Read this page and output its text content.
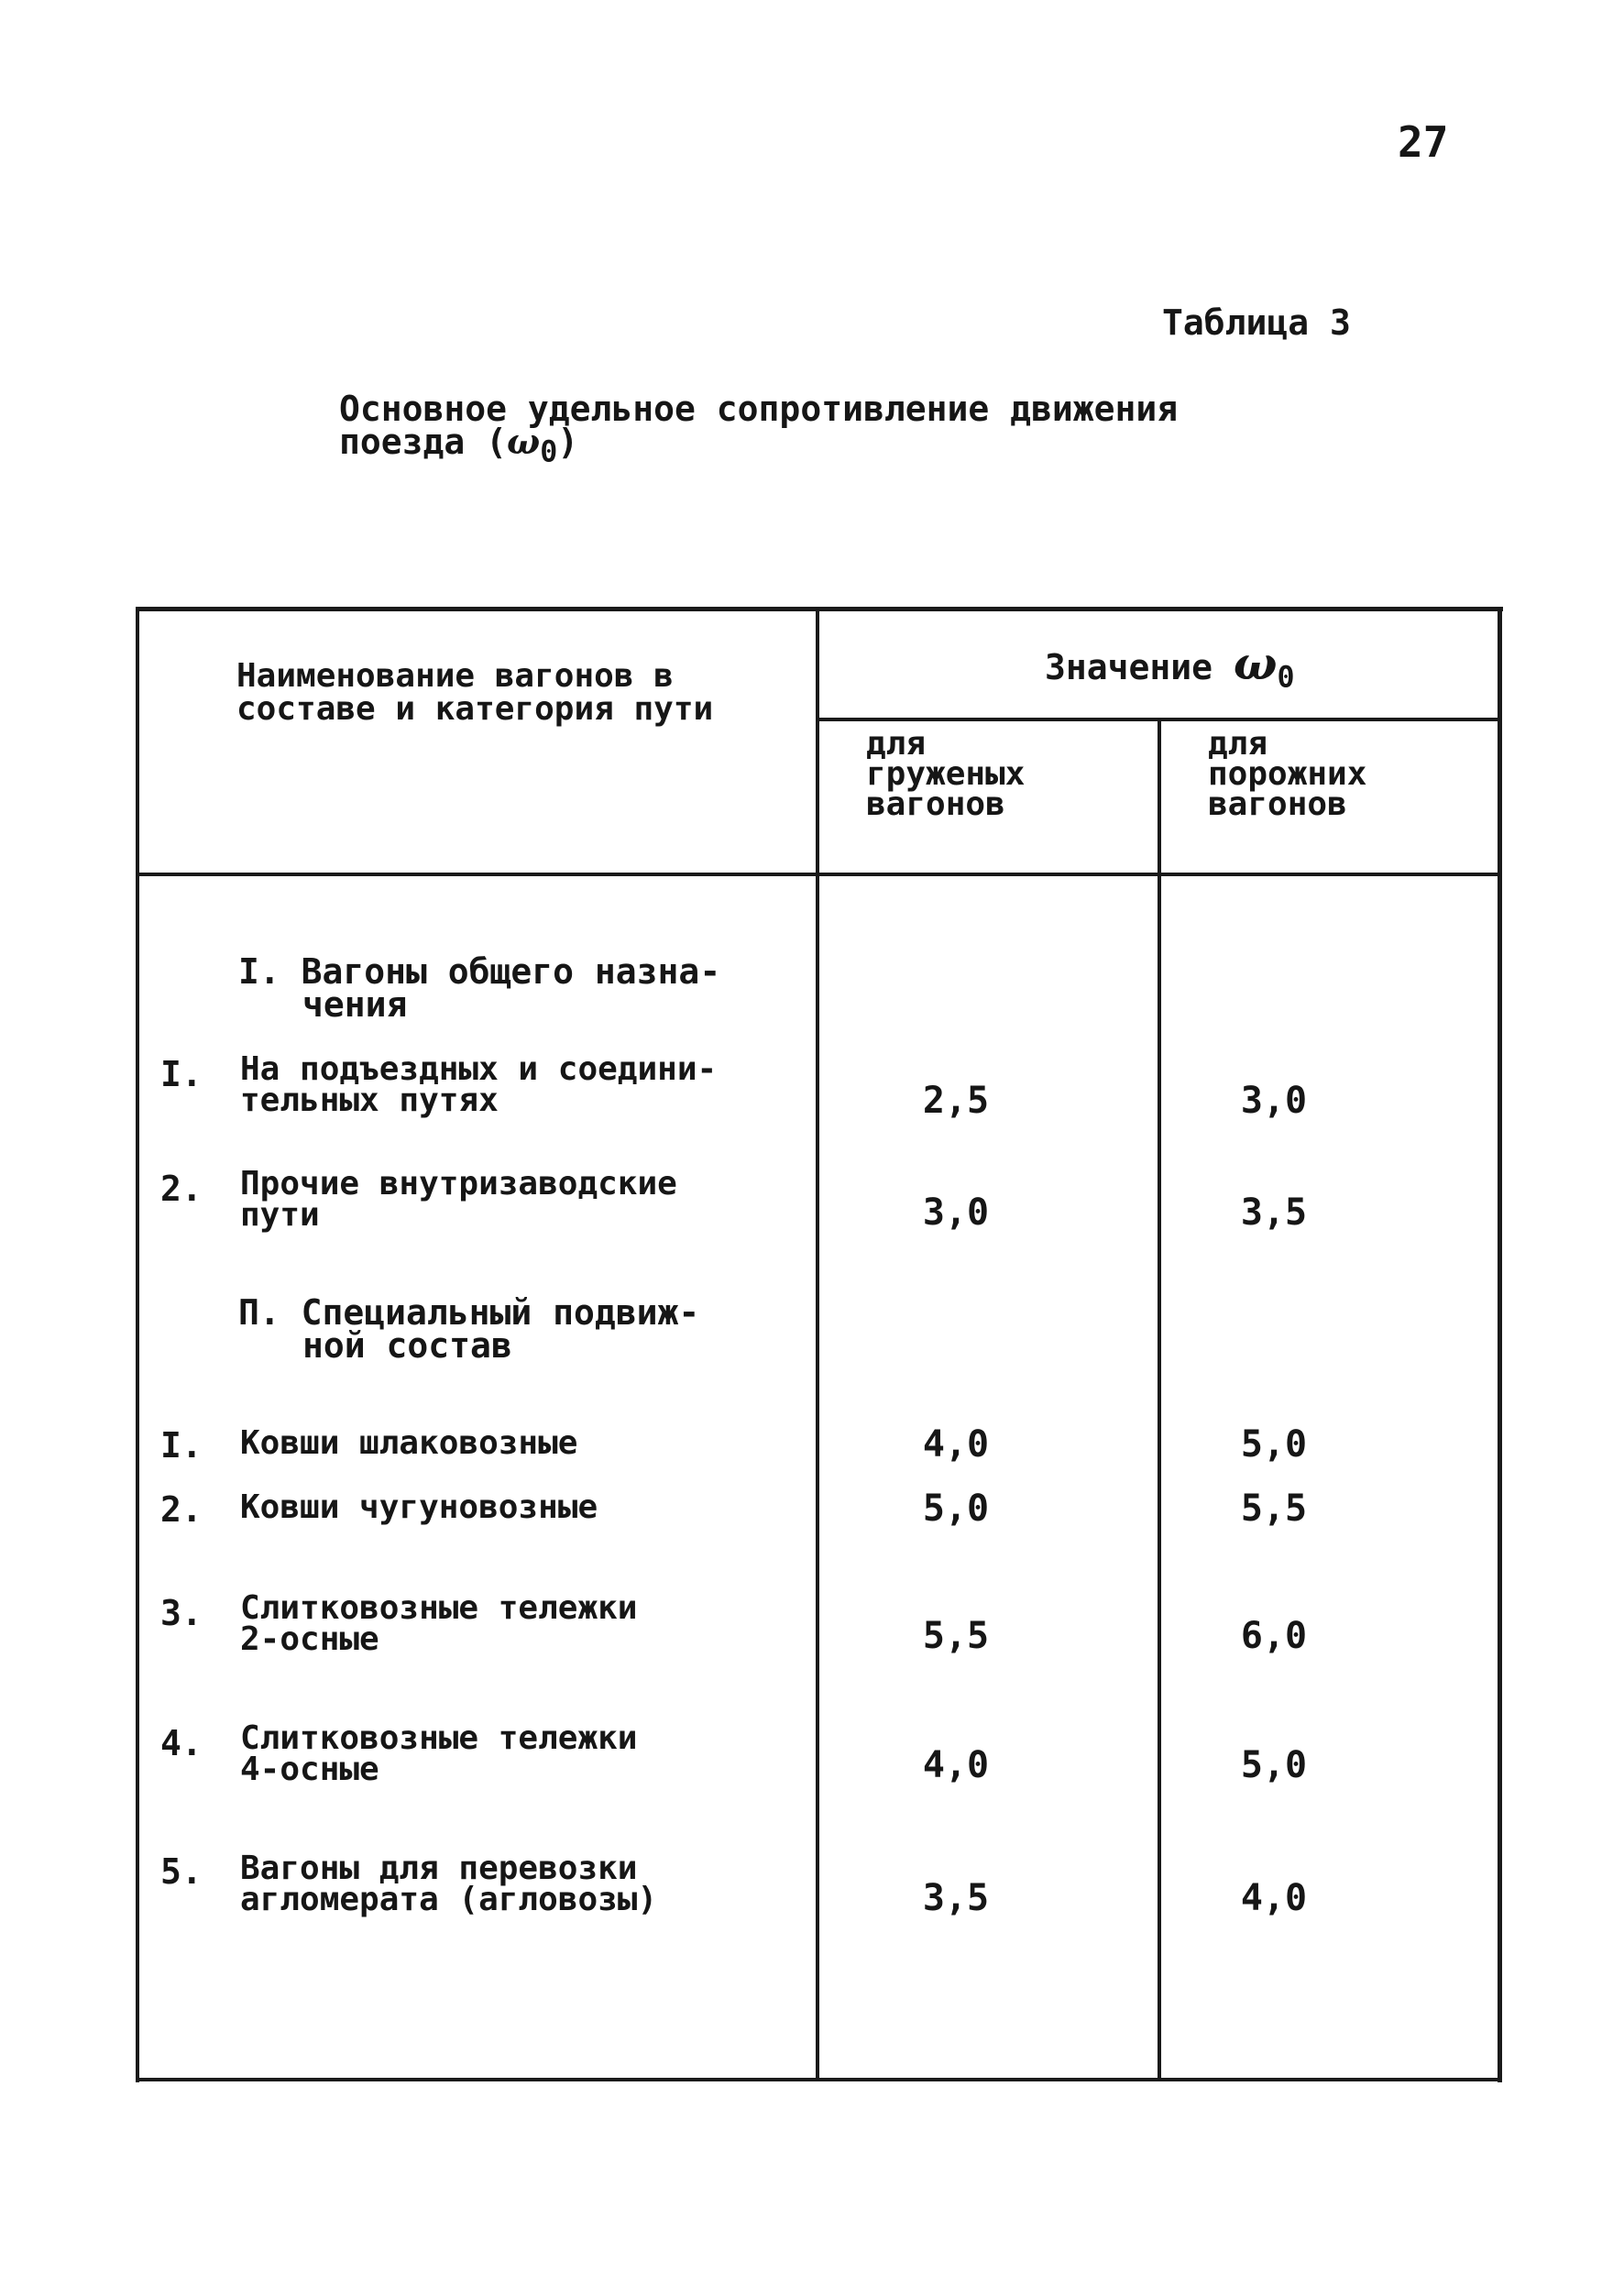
27
Таблица 3
Основное удельное сопротивление движения
поезда $(\omega_0)$
Наименование вагонов в
составе и категория пути
Значение $\omega_0$
для
груженых
вагонов
для
порожних
вагонов
I. Вагоны общего назна-
чения
I.	На подъездных и соедини-
тельных путях	2,5	3,0
2.	Прочие внутризаводские
пути	3,0	3,5
П. Специальный подвиж-
ной состав
I.	Ковши шлаковозные	4,0	5,0
2.	Ковши чугуновозные	5,0	5,5
3.	Слитковозные тележки
2-осные	5,5	6,0
4.	Слитковозные тележки
4-осные	4,0	5,0
5.	Вагоны для перевозки
агломерата (агловозы)	3,5	4,0
